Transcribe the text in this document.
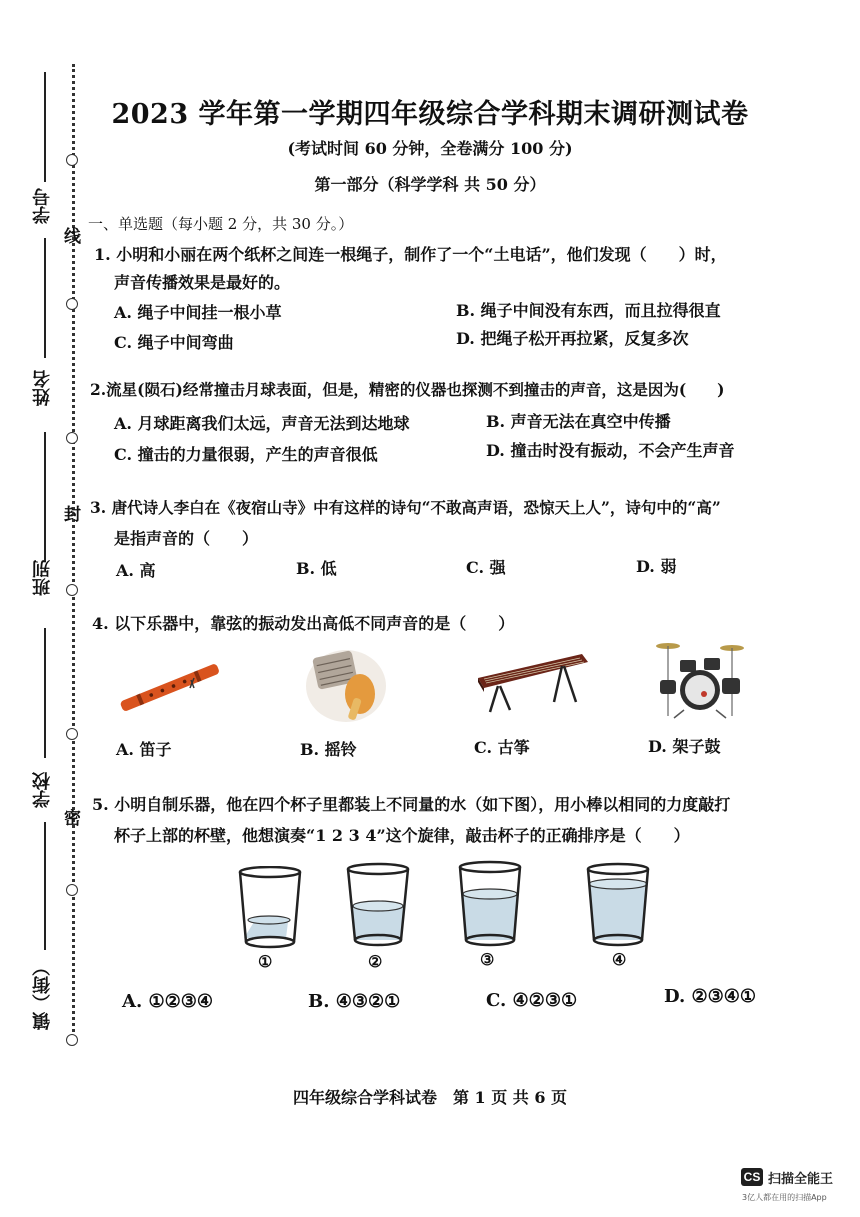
学号
姓名
班别
学校
镇（街）
线
封
密
2023 学年第一学期四年级综合学科期末调研测试卷
(考试时间 60 分钟，全卷满分 100 分)
第一部分（科学学科 共 50 分）
一、单选题（每小题 2 分，共 30 分。）
1. 小明和小丽在两个纸杯之间连一根绳子，制作了一个“土电话”，他们发现（　　）时，
声音传播效果是最好的。
A. 绳子中间挂一根小草	B. 绳子中间没有东西，而且拉得很直
C. 绳子中间弯曲	D. 把绳子松开再拉紧，反复多次
2.流星(陨石)经常撞击月球表面，但是，精密的仪器也探测不到撞击的声音，这是因为(　　)
A. 月球距离我们太远，声音无法到达地球	B. 声音无法在真空中传播
C. 撞击的力量很弱，产生的声音很低	D. 撞击时没有振动，不会产生声音
3. 唐代诗人李白在《夜宿山寺》中有这样的诗句“不敢高声语，恐惊天上人”，诗句中的“高”
是指声音的（　　）
A. 高	B. 低	C. 强	D. 弱
4. 以下乐器中，靠弦的振动发出高低不同声音的是（　　）
A. 笛子	B. 摇铃	C. 古筝	D. 架子鼓
5. 小明自制乐器，他在四个杯子里都装上不同量的水（如下图），用小棒以相同的力度敲打
杯子上部的杯壁，他想演奏“1 2 3 4”这个旋律，敲击杯子的正确排序是（　　）
①	②	③	④
A. ①②③④	B. ④③②①	C. ④②③①	D. ②③④①
四年级综合学科试卷　第 1 页 共 6 页
CS 扫描全能王
3亿人都在用的扫描App
